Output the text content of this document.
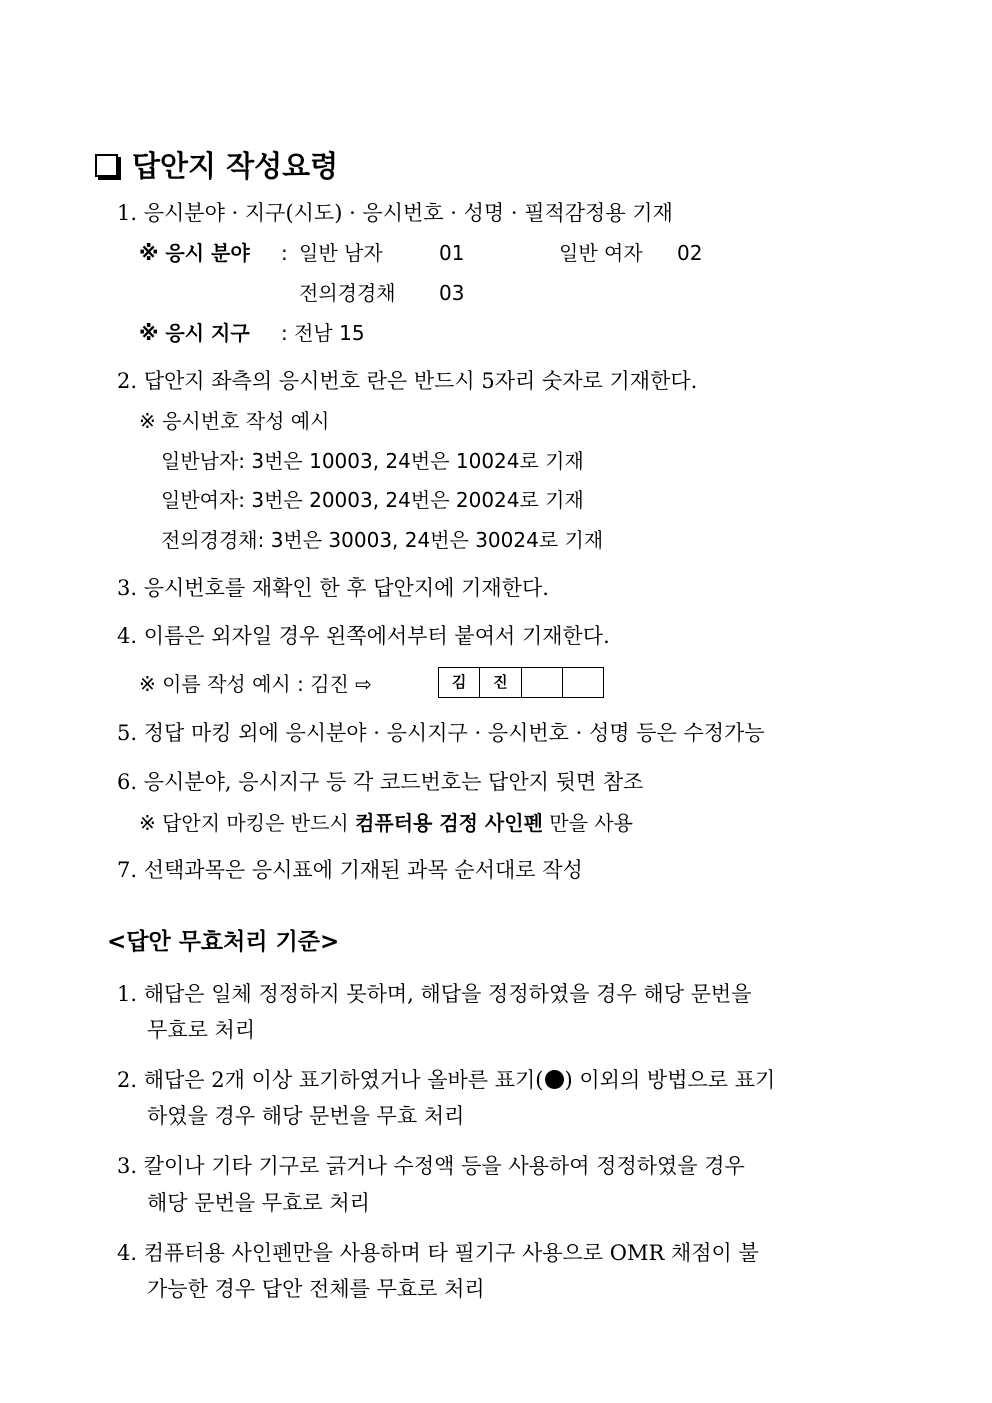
답안지 작성요령
1. 응시분야 · 지구(시도) · 응시번호 · 성명 · 필적감정용 기재
※ 응시 분야 : 일반 남자	01	일반 여자 02
전의경경채 03
※ 응시 지구 : 전남 15
2. 답안지 좌측의 응시번호 란은 반드시 5자리 숫자로 기재한다.
※ 응시번호 작성 예시
일반남자: 3번은 10003, 24번은 10024로 기재
일반여자: 3번은 20003, 24번은 20024로 기재
전의경경채: 3번은 30003, 24번은 30024로 기재
3. 응시번호를 재확인 한 후 답안지에 기재한다.
4. 이름은 외자일 경우 왼쪽에서부터 붙여서 기재한다.
※ 이름 작성 예시 : 김진 ⇨	김	진
5. 정답 마킹 외에 응시분야 · 응시지구 · 응시번호 · 성명 등은 수정가능
6. 응시분야, 응시지구 등 각 코드번호는 답안지 뒷면 참조
※ 답안지 마킹은 반드시 컴퓨터용 검정 사인펜 만을 사용
7. 선택과목은 응시표에 기재된 과목 순서대로 작성
<답안 무효처리 기준>
1. 해답은 일체 정정하지 못하며, 해답을 정정하였을 경우 해당 문번을
무효로 처리
2. 해답은 2개 이상 표기하였거나 올바른 표기( ) 이외의 방법으로 표기
하였을 경우 해당 문번을 무효 처리
3. 칼이나 기타 기구로 긁거나 수정액 등을 사용하여 정정하였을 경우
해당 문번을 무효로 처리
4. 컴퓨터용 사인펜만을 사용하며 타 필기구 사용으로 OMR 채점이 불
가능한 경우 답안 전체를 무효로 처리
